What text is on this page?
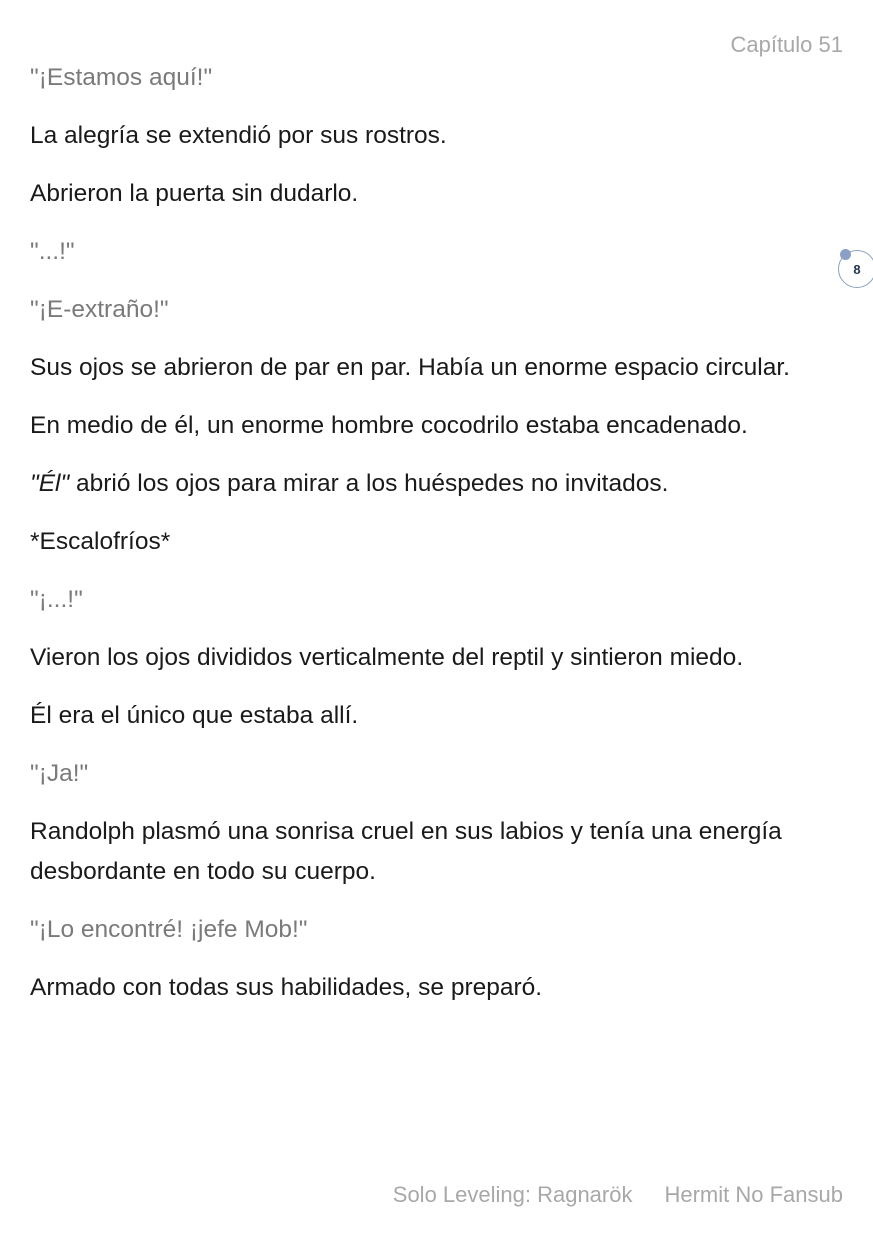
Capítulo 51
8

"¡Estamos aquí!"

La alegría se extendió por sus rostros.

Abrieron la puerta sin dudarlo.

"...!"

"¡E-extraño!"

Sus ojos se abrieron de par en par. Había un enorme espacio circular.

En medio de él, un enorme hombre cocodrilo estaba encadenado.

"Él" abrió los ojos para mirar a los huéspedes no invitados.

*Escalofríos*

"¡...!"

Vieron los ojos divididos verticalmente del reptil y sintieron miedo.

Él era el único que estaba allí.

"¡Ja!"

Randolph plasmó una sonrisa cruel en sus labios y tenía una energía desbordante en todo su cuerpo.

"¡Lo encontré! ¡jefe Mob!"

Armado con todas sus habilidades, se preparó.

Solo Leveling: Ragnarök Hermit No Fansub
